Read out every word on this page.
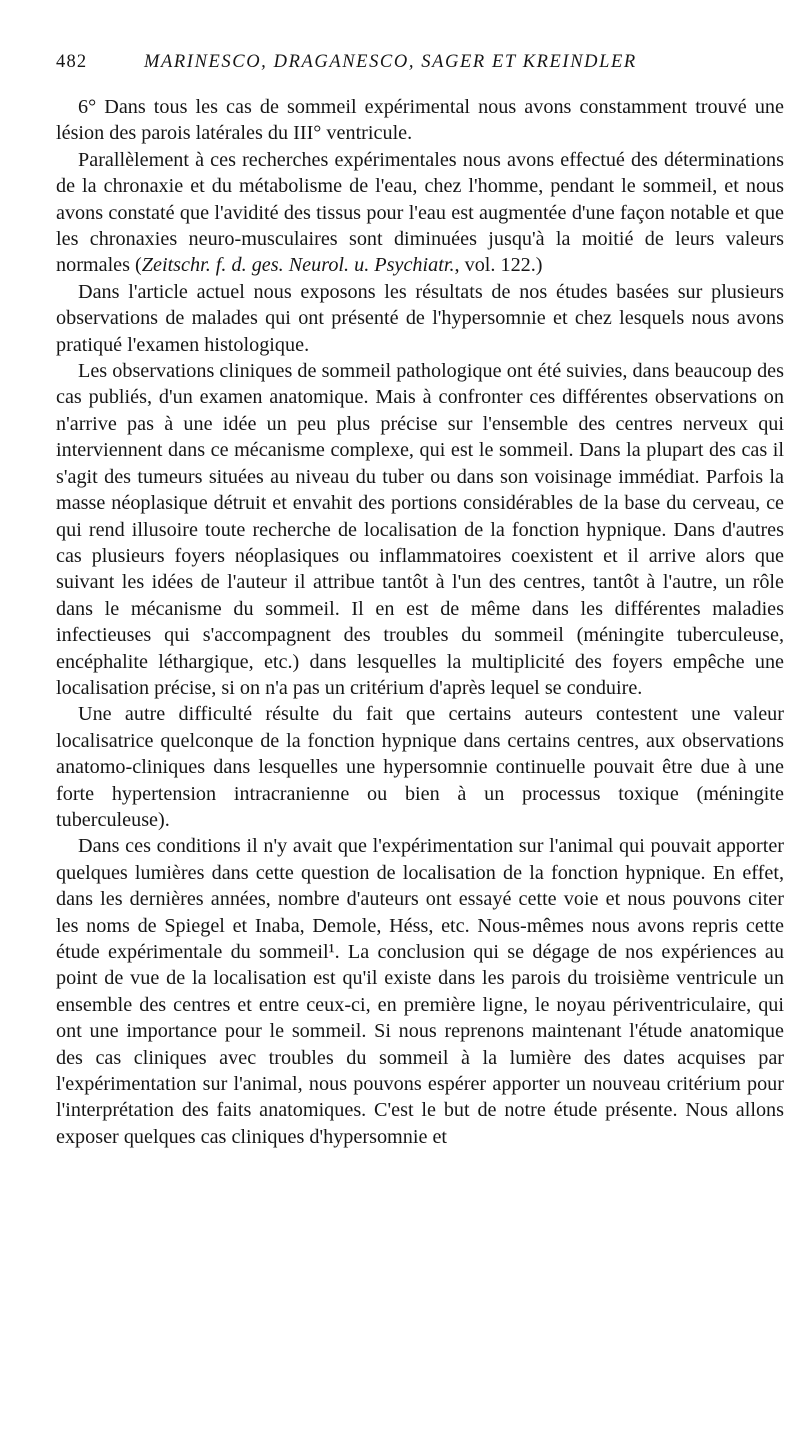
482	MARINESCO, DRAGANESCO, SAGER ET KREINDLER

6° Dans tous les cas de sommeil expérimental nous avons constamment trouvé une lésion des parois latérales du III° ventricule.

Parallèlement à ces recherches expérimentales nous avons effectué des déterminations de la chronaxie et du métabolisme de l'eau, chez l'homme, pendant le sommeil, et nous avons constaté que l'avidité des tissus pour l'eau est augmentée d'une façon notable et que les chronaxies neuro-musculaires sont diminuées jusqu'à la moitié de leurs valeurs normales (Zeitschr. f. d. ges. Neurol. u. Psychiatr., vol. 122.)

Dans l'article actuel nous exposons les résultats de nos études basées sur plusieurs observations de malades qui ont présenté de l'hypersomnie et chez lesquels nous avons pratiqué l'examen histologique.

Les observations cliniques de sommeil pathologique ont été suivies, dans beaucoup des cas publiés, d'un examen anatomique. Mais à confronter ces différentes observations on n'arrive pas à une idée un peu plus précise sur l'ensemble des centres nerveux qui interviennent dans ce mécanisme complexe, qui est le sommeil. Dans la plupart des cas il s'agit des tumeurs situées au niveau du tuber ou dans son voisinage immédiat. Parfois la masse néoplasique détruit et envahit des portions considérables de la base du cerveau, ce qui rend illusoire toute recherche de localisation de la fonction hypnique. Dans d'autres cas plusieurs foyers néoplasiques ou inflammatoires coexistent et il arrive alors que suivant les idées de l'auteur il attribue tantôt à l'un des centres, tantôt à l'autre, un rôle dans le mécanisme du sommeil. Il en est de même dans les différentes maladies infectieuses qui s'accompagnent des troubles du sommeil (méningite tuberculeuse, encéphalite léthargique, etc.) dans lesquelles la multiplicité des foyers empêche une localisation précise, si on n'a pas un critérium d'après lequel se conduire.

Une autre difficulté résulte du fait que certains auteurs contestent une valeur localisatrice quelconque de la fonction hypnique dans certains centres, aux observations anatomo-cliniques dans lesquelles une hypersomnie continuelle pouvait être due à une forte hypertension intracranienne ou bien à un processus toxique (méningite tuberculeuse).

Dans ces conditions il n'y avait que l'expérimentation sur l'animal qui pouvait apporter quelques lumières dans cette question de localisation de la fonction hypnique. En effet, dans les dernières années, nombre d'auteurs ont essayé cette voie et nous pouvons citer les noms de Spiegel et Inaba, Demole, Héss, etc. Nous-mêmes nous avons repris cette étude expérimentale du sommeil¹. La conclusion qui se dégage de nos expériences au point de vue de la localisation est qu'il existe dans les parois du troisième ventricule un ensemble des centres et entre ceux-ci, en première ligne, le noyau périventriculaire, qui ont une importance pour le sommeil. Si nous reprenons maintenant l'étude anatomique des cas cliniques avec troubles du sommeil à la lumière des dates acquises par l'expérimentation sur l'animal, nous pouvons espérer apporter un nouveau critérium pour l'interprétation des faits anatomiques. C'est le but de notre étude présente. Nous allons exposer quelques cas cliniques d'hypersomnie et
